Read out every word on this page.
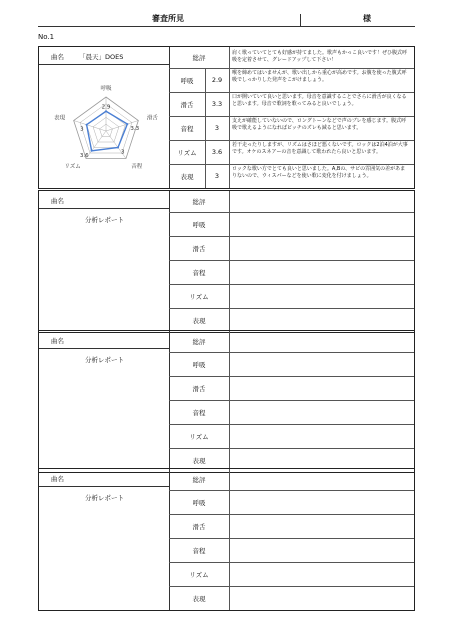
審査所見	様
No.1
曲名 「晨天」DOES
呼吸
滑舌
音程
リズム
表現
2.9
3.3
3
3.6
3
総評
肩く歌っていてとても好感が持てました。歌声もかっこ良いです！ぜひ腹式呼吸を定着させて、グレードアップして下さい！
呼吸	2.9
喉を締めてはいませんが、歌い出しから重心が高めです。お腹を使った腹式呼吸でしっかりした発声をこがけましょう。
滑舌	3.3
口が開いていて良いと思います。母音を意識することでさらに滑舌が良くなると思います。母音で歌詞を歌ってみると良いでしょう。
音程	3
支えが確能していないので、ロングトーンなどで声のブレを感じます。腹式呼吸で歌えるようになればピッチのズレも減ると思います。
リズム	3.6
若干走ったりしますが、リズムはさほど悪くないです。ロックは2泊4泊が大事です。オケのスネアーの音を意識して歌われたら良いと思います。
表現	3
ロックな歌い方でとても良いと思いました。A,Bの、サビの雰囲気の差があまりないので、ウィスパーなどを使い歌に変化を付けましょう。
曲名
分析レポート
総評
呼吸
滑舌
音程
リズム
表現
曲名
分析レポート
総評
呼吸
滑舌
音程
リズム
表現
曲名
分析レポート
総評
呼吸
滑舌
音程
リズム
表現
